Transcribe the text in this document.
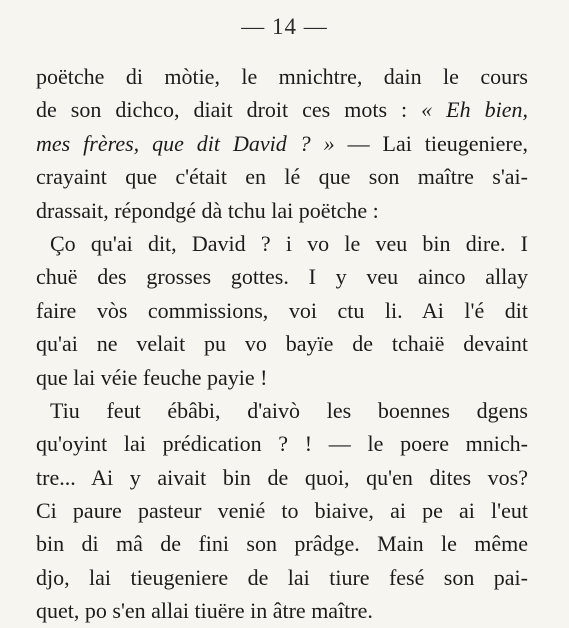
— 14 —
poëtche di mòtie, le mnichtre, dain le cours
de son dichco, diait droit ces mots : « Eh bien,
mes frères, que dit David ? » — Lai tieugeniere,
crayaint que c'était en lé que son maître s'ai-
drassait, répondgé dà tchu lai poëtche :
Ço qu'ai dit, David ? i vo le veu bin dire. I
chuë des grosses gottes. I y veu ainco allay
faire vòs commissions, voi ctu li. Ai l'é dit
qu'ai ne velait pu vo bayïe de tchaië devaint
que lai véie feuche payie !
Tiu feut ébâbi, d'aivò les boennes dgens
qu'oyint lai prédication ? ! — le poere mnich-
tre... Ai y aivait bin de quoi, qu'en dites vos?
Ci paure pasteur venié to biaive, ai pe ai l'eut
bin di mâ de fini son prâdge. Main le même
djo, lai tieugeniere de lai tiure fesé son pai-
quet, po s'en allai tiuëre in âtre maître.
